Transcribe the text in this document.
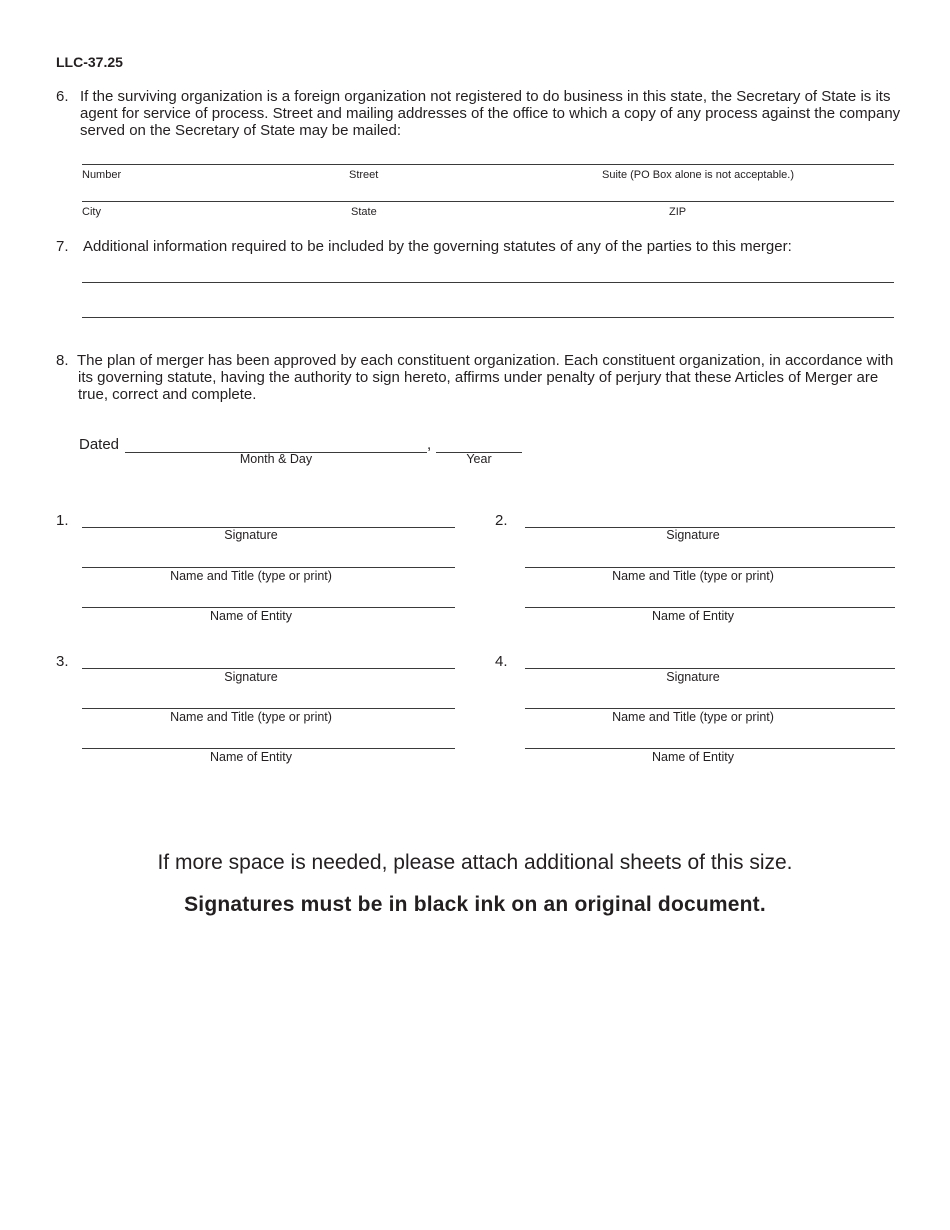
LLC-37.25
6. If the surviving organization is a foreign organization not registered to do business in this state, the Secretary of State is its agent for service of process. Street and mailing addresses of the office to which a copy of any process against the company served on the Secretary of State may be mailed:
Number	Street	Suite (PO Box alone is not acceptable.)
City	State	ZIP
7. Additional information required to be included by the governing statutes of any of the parties to this merger:
8. The plan of merger has been approved by each constituent organization. Each constituent organization, in accordance with its governing statute, having the authority to sign hereto, affirms under penalty of perjury that these Articles of Merger are true, correct and complete.
Dated	,
Month & Day	Year
1.
Signature
Name and Title (type or print)
Name of Entity
2.
Signature
Name and Title (type or print)
Name of Entity
3.
Signature
Name and Title (type or print)
Name of Entity
4.
Signature
Name and Title (type or print)
Name of Entity
If more space is needed, please attach additional sheets of this size.
Signatures must be in black ink on an original document.
